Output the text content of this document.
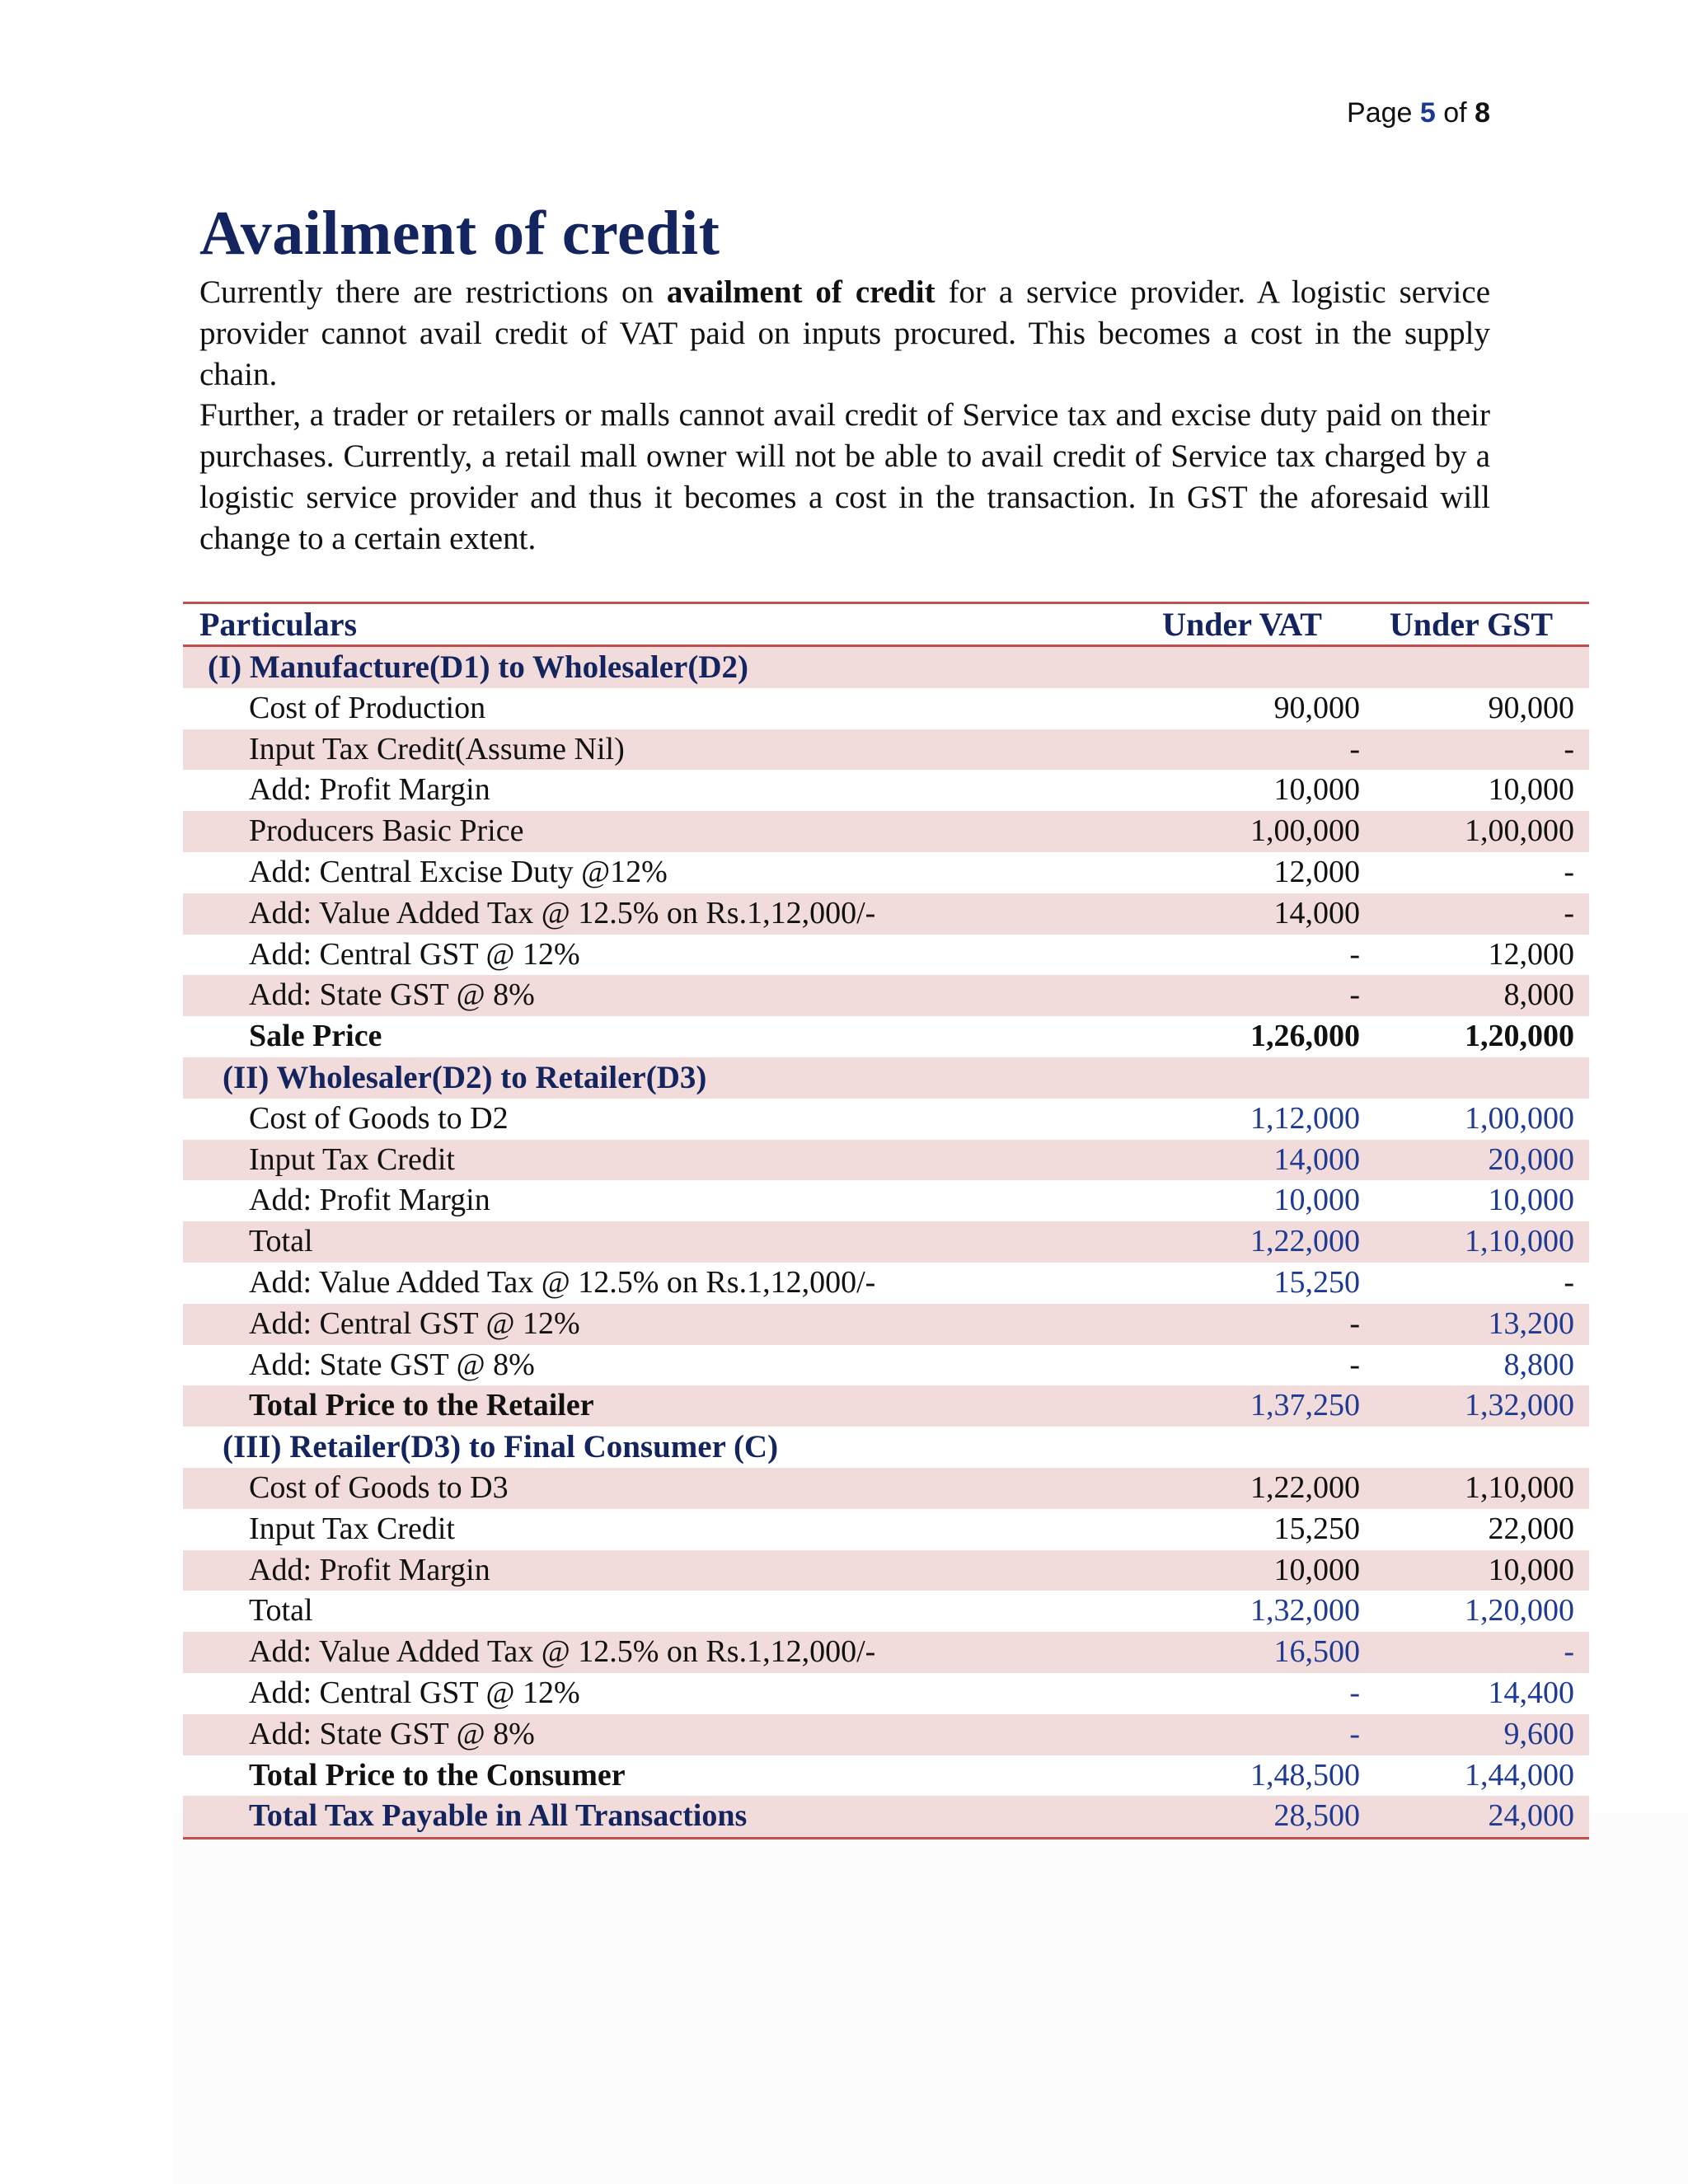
Page 5 of 8
Availment of credit

Currently there are restrictions on availment of credit for a service provider. A logistic service provider cannot avail credit of VAT paid on inputs procured. This becomes a cost in the supply chain.

Further, a trader or retailers or malls cannot avail credit of Service tax and excise duty paid on their purchases. Currently, a retail mall owner will not be able to avail credit of Service tax charged by a logistic service provider and thus it becomes a cost in the transaction. In GST the aforesaid will change to a certain extent.

Particulars	Under VAT	Under GST
(I) Manufacture(D1) to Wholesaler(D2)		
Cost of Production	90,000	90,000
Input Tax Credit(Assume Nil)	-	-
Add: Profit Margin	10,000	10,000
Producers Basic Price	1,00,000	1,00,000
Add: Central Excise Duty @12%	12,000	-
Add: Value Added Tax @ 12.5% on Rs.1,12,000/-	14,000	-
Add: Central GST @ 12%	-	12,000
Add: State GST @ 8%	-	8,000
Sale Price	1,26,000	1,20,000
(II) Wholesaler(D2) to Retailer(D3)		
Cost of Goods to D2	1,12,000	1,00,000
Input Tax Credit	14,000	20,000
Add: Profit Margin	10,000	10,000
Total	1,22,000	1,10,000
Add: Value Added Tax @ 12.5% on Rs.1,12,000/-	15,250	-
Add: Central GST @ 12%	-	13,200
Add: State GST @ 8%	-	8,800
Total Price to the Retailer	1,37,250	1,32,000
(III) Retailer(D3) to Final Consumer (C)		
Cost of Goods to D3	1,22,000	1,10,000
Input Tax Credit	15,250	22,000
Add: Profit Margin	10,000	10,000
Total	1,32,000	1,20,000
Add: Value Added Tax @ 12.5% on Rs.1,12,000/-	16,500	-
Add: Central GST @ 12%	-	14,400
Add: State GST @ 8%	-	9,600
Total Price to the Consumer	1,48,500	1,44,000
Total Tax Payable in All Transactions	28,500	24,000
